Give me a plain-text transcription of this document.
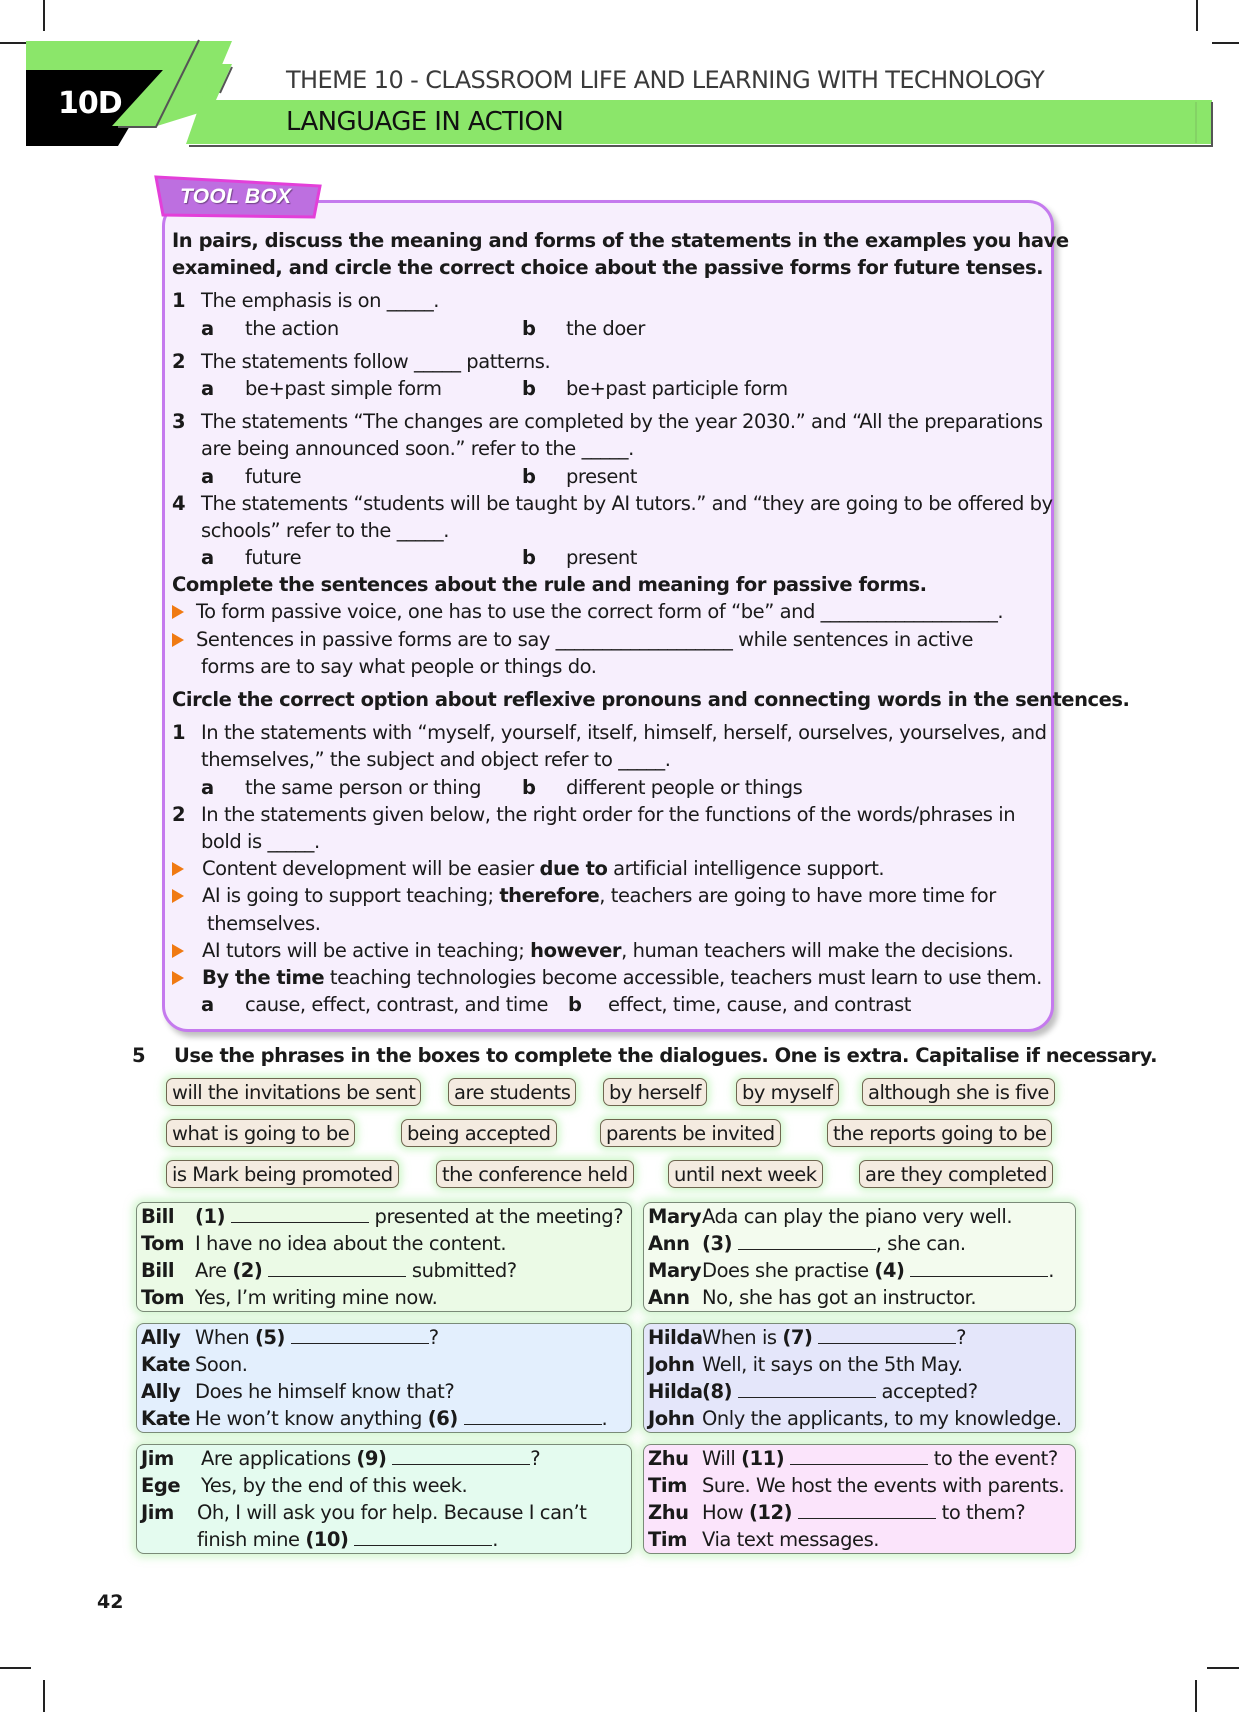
10D
THEME 10 - CLASSROOM LIFE AND LEARNING WITH TECHNOLOGY
LANGUAGE IN ACTION
TOOL BOX
In pairs, discuss the meaning and forms of the statements in the examples you have
examined, and circle the correct choice about the passive forms for future tenses.
1 The emphasis is on _____.
a the action	b the doer
2 The statements follow _____ patterns.
a be+past simple form	b be+past participle form
3 The statements “The changes are completed by the year 2030.” and “All the preparations
are being announced soon.” refer to the _____.
a future	b present
4 The statements “students will be taught by AI tutors.” and “they are going to be offered by
schools” refer to the _____.
a future	b present
Complete the sentences about the rule and meaning for passive forms.
To form passive voice, one has to use the correct form of “be” and ___________________.
Sentences in passive forms are to say ___________________ while sentences in active
forms are to say what people or things do.
Circle the correct option about reflexive pronouns and connecting words in the sentences.
1 In the statements with “myself, yourself, itself, himself, herself, ourselves, yourselves, and
themselves,” the subject and object refer to _____.
a the same person or thing b different people or things
2 In the statements given below, the right order for the functions of the words/phrases in
bold is _____.
Content development will be easier due to artificial intelligence support.
AI is going to support teaching; therefore, teachers are going to have more time for
themselves.
AI tutors will be active in teaching; however, human teachers will make the decisions.
By the time teaching technologies become accessible, teachers must learn to use them.
a cause, effect, contrast, and time b effect, time, cause, and contrast
5 Use the phrases in the boxes to complete the dialogues. One is extra. Capitalise if necessary.
will the invitations be sent	are students	by herself	by myself	although she is five
what is going to be	being accepted	parents be invited	the reports going to be
is Mark being promoted	the conference held	until next week	are they completed
Bill (1)	presented at the meeting?
Tom I have no idea about the content.
Bill Are (2)	submitted?
Tom Yes, I’m writing mine now.
Mary Ada can play the piano very well.
Ann (3)	, she can.
Mary Does she practise (4)	.
Ann No, she has got an instructor.
Ally When (5)	?
Kate Soon.
Ally Does he himself know that?
Kate He won’t know anything (6)	.
Hilda When is (7)	?
John Well, it says on the 5th May.
Hilda (8)	accepted?
John Only the applicants, to my knowledge.
Jim Are applications (9)	?
Ege Yes, by the end of this week.
Jim Oh, I will ask you for help. Because I can’t
finish mine (10)	.
Zhu Will (11)	to the event?
Tim Sure. We host the events with parents.
Zhu How (12)	to them?
Tim Via text messages.
42
